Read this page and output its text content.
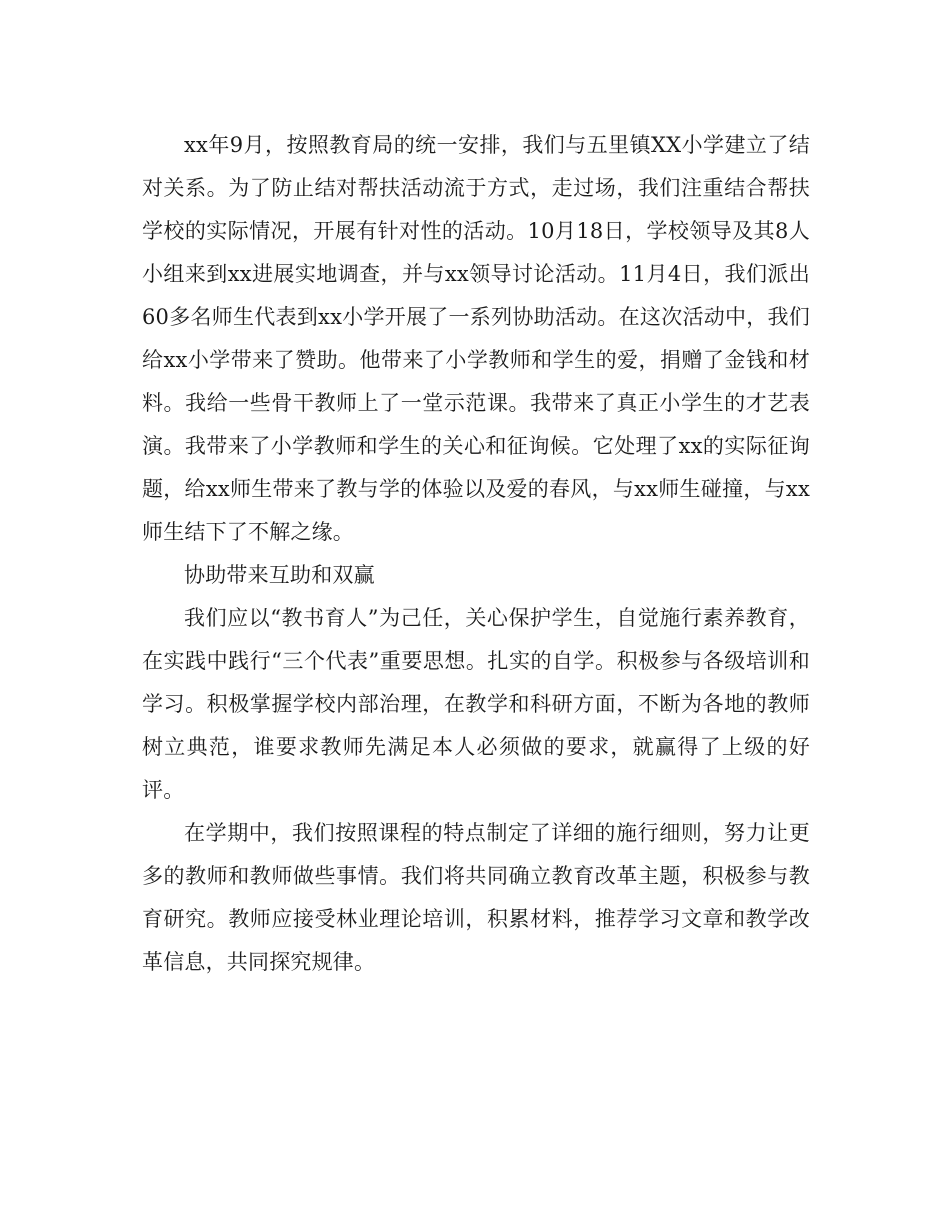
xx年9月，按照教育局的统一安排，我们与五里镇XX小学建立了结对关系。为了防止结对帮扶活动流于方式，走过场，我们注重结合帮扶学校的实际情况，开展有针对性的活动。10月18日，学校领导及其8人小组来到xx进展实地调查，并与xx领导讨论活动。11月4日，我们派出60多名师生代表到xx小学开展了一系列协助活动。在这次活动中，我们给xx小学带来了赞助。他带来了小学教师和学生的爱，捐赠了金钱和材料。我给一些骨干教师上了一堂示范课。我带来了真正小学生的才艺表演。我带来了小学教师和学生的关心和征询候。它处理了xx的实际征询题，给xx师生带来了教与学的体验以及爱的春风，与xx师生碰撞，与xx师生结下了不解之缘。

协助带来互助和双赢

我们应以“教书育人”为己任，关心保护学生，自觉施行素养教育，在实践中践行“三个代表”重要思想。扎实的自学。积极参与各级培训和学习。积极掌握学校内部治理，在教学和科研方面，不断为各地的教师树立典范，谁要求教师先满足本人必须做的要求，就赢得了上级的好评。

在学期中，我们按照课程的特点制定了详细的施行细则，努力让更多的教师和教师做些事情。我们将共同确立教育改革主题，积极参与教育研究。教师应接受林业理论培训，积累材料，推荐学习文章和教学改革信息，共同探究规律。
